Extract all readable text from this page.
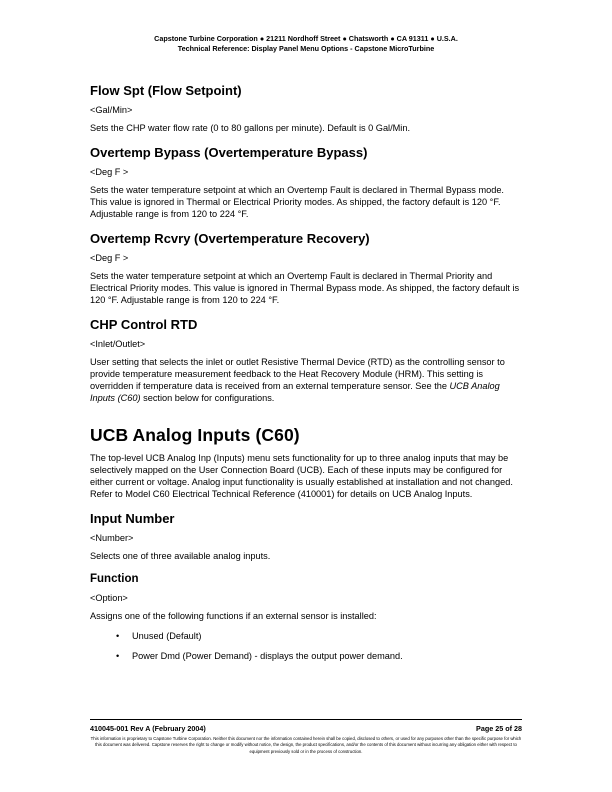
Capstone Turbine Corporation ● 21211 Nordhoff Street ● Chatsworth ● CA 91311 ● U.S.A.
Technical Reference: Display Panel Menu Options - Capstone MicroTurbine
Flow Spt (Flow Setpoint)

<Gal/Min>

Sets the CHP water flow rate (0 to 80 gallons per minute). Default is 0 Gal/Min.

Overtemp Bypass (Overtemperature Bypass)

<Deg F >

Sets the water temperature setpoint at which an Overtemp Fault is declared in Thermal Bypass mode. This value is ignored in Thermal or Electrical Priority modes. As shipped, the factory default is 120 °F. Adjustable range is from 120 to 224 °F.

Overtemp Rcvry (Overtemperature Recovery)

<Deg F >

Sets the water temperature setpoint at which an Overtemp Fault is declared in Thermal Priority and Electrical Priority modes. This value is ignored in Thermal Bypass mode. As shipped, the factory default is 120 °F. Adjustable range is from 120 to 224 °F.

CHP Control RTD

<Inlet/Outlet>

User setting that selects the inlet or outlet Resistive Thermal Device (RTD) as the controlling sensor to provide temperature measurement feedback to the Heat Recovery Module (HRM). This setting is overridden if temperature data is received from an external temperature sensor. See the UCB Analog Inputs (C60) section below for configurations.

UCB Analog Inputs (C60)

The top-level UCB Analog Inp (Inputs) menu sets functionality for up to three analog inputs that may be selectively mapped on the User Connection Board (UCB). Each of these inputs may be configured for either current or voltage. Analog input functionality is usually established at installation and not changed. Refer to Model C60 Electrical Technical Reference (410001) for details on UCB Analog Inputs.

Input Number

<Number>

Selects one of three available analog inputs.

Function

<Option>

Assigns one of the following functions if an external sensor is installed:

• Unused (Default)
• Power Dmd (Power Demand) - displays the output power demand.
410045-001 Rev A (February 2004)	Page 25 of 28
This information is proprietary to Capstone Turbine Corporation. Neither this document nor the information contained herein shall be copied, disclosed to others, or used for any purposes other than the specific purpose for which this document was delivered. Capstone reserves the right to change or modify without notice, the design, the product specifications, and/or the contents of this document without incurring any obligation either with respect to equipment previously sold or in the process of construction.
